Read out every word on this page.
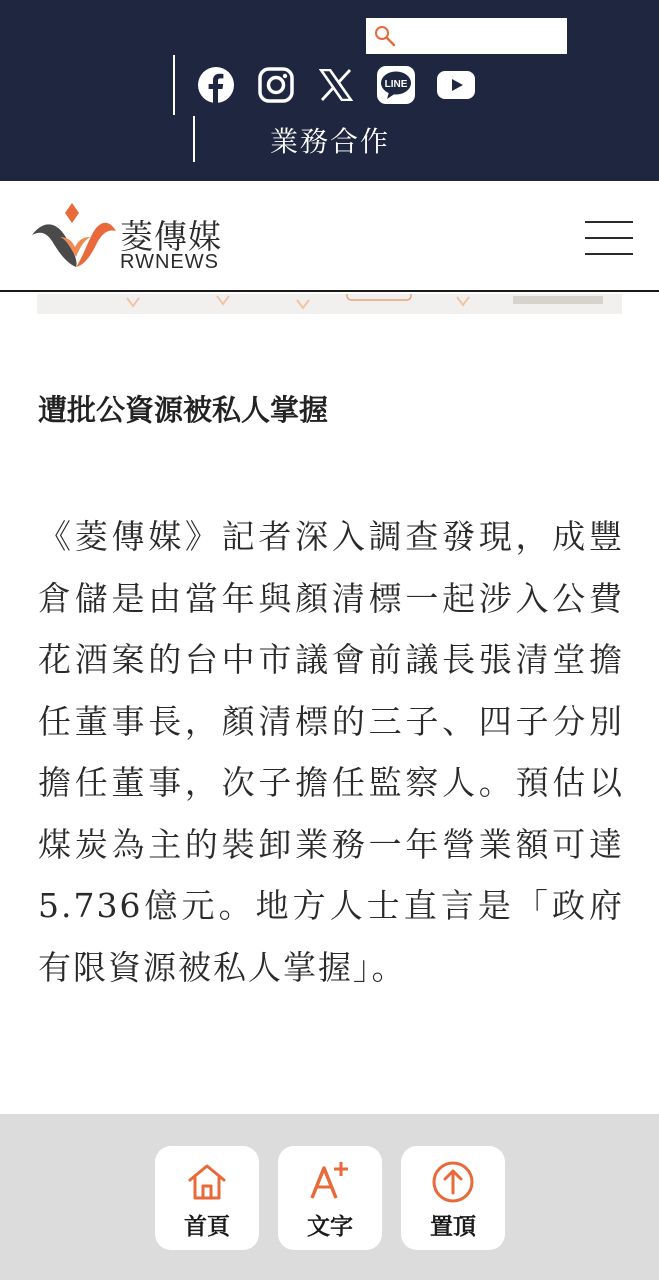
LINE
業務合作
菱傳媒
RWNEWS
遭批公資源被私人掌握
《菱傳媒》記者深入調查發現，成豐倉儲是由當年與顏清標一起涉入公費花酒案的台中市議會前議長張清堂擔任董事長，顏清標的三子、四子分別擔任董事，次子擔任監察人。預估以煤炭為主的裝卸業務一年營業額可達5.736億元。地方人士直言是「政府有限資源被私人掌握」。
首頁	文字	置頂
